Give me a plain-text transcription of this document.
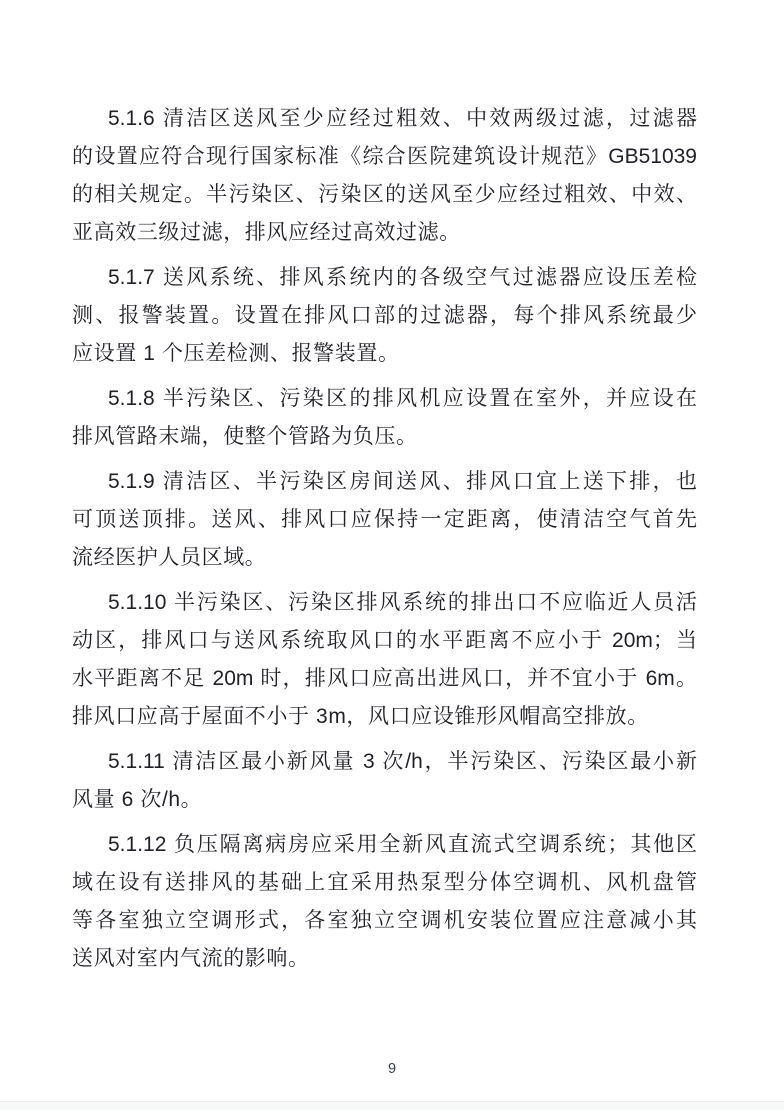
5.1.6 清洁区送风至少应经过粗效、中效两级过滤，过滤器
的设置应符合现行国家标准《综合医院建筑设计规范》GB51039
的相关规定。半污染区、污染区的送风至少应经过粗效、中效、
亚高效三级过滤，排风应经过高效过滤。
5.1.7 送风系统、排风系统内的各级空气过滤器应设压差检
测、报警装置。设置在排风口部的过滤器，每个排风系统最少
应设置 1 个压差检测、报警装置。
5.1.8 半污染区、污染区的排风机应设置在室外，并应设在
排风管路末端，使整个管路为负压。
5.1.9 清洁区、半污染区房间送风、排风口宜上送下排，也
可顶送顶排。送风、排风口应保持一定距离，使清洁空气首先
流经医护人员区域。
5.1.10 半污染区、污染区排风系统的排出口不应临近人员活
动区，排风口与送风系统取风口的水平距离不应小于 20m；当
水平距离不足 20m 时，排风口应高出进风口，并不宜小于 6m。
排风口应高于屋面不小于 3m，风口应设锥形风帽高空排放。
5.1.11 清洁区最小新风量 3 次/h，半污染区、污染区最小新
风量 6 次/h。
5.1.12 负压隔离病房应采用全新风直流式空调系统；其他区
域在设有送排风的基础上宜采用热泵型分体空调机、风机盘管
等各室独立空调形式，各室独立空调机安装位置应注意减小其
送风对室内气流的影响。
9
